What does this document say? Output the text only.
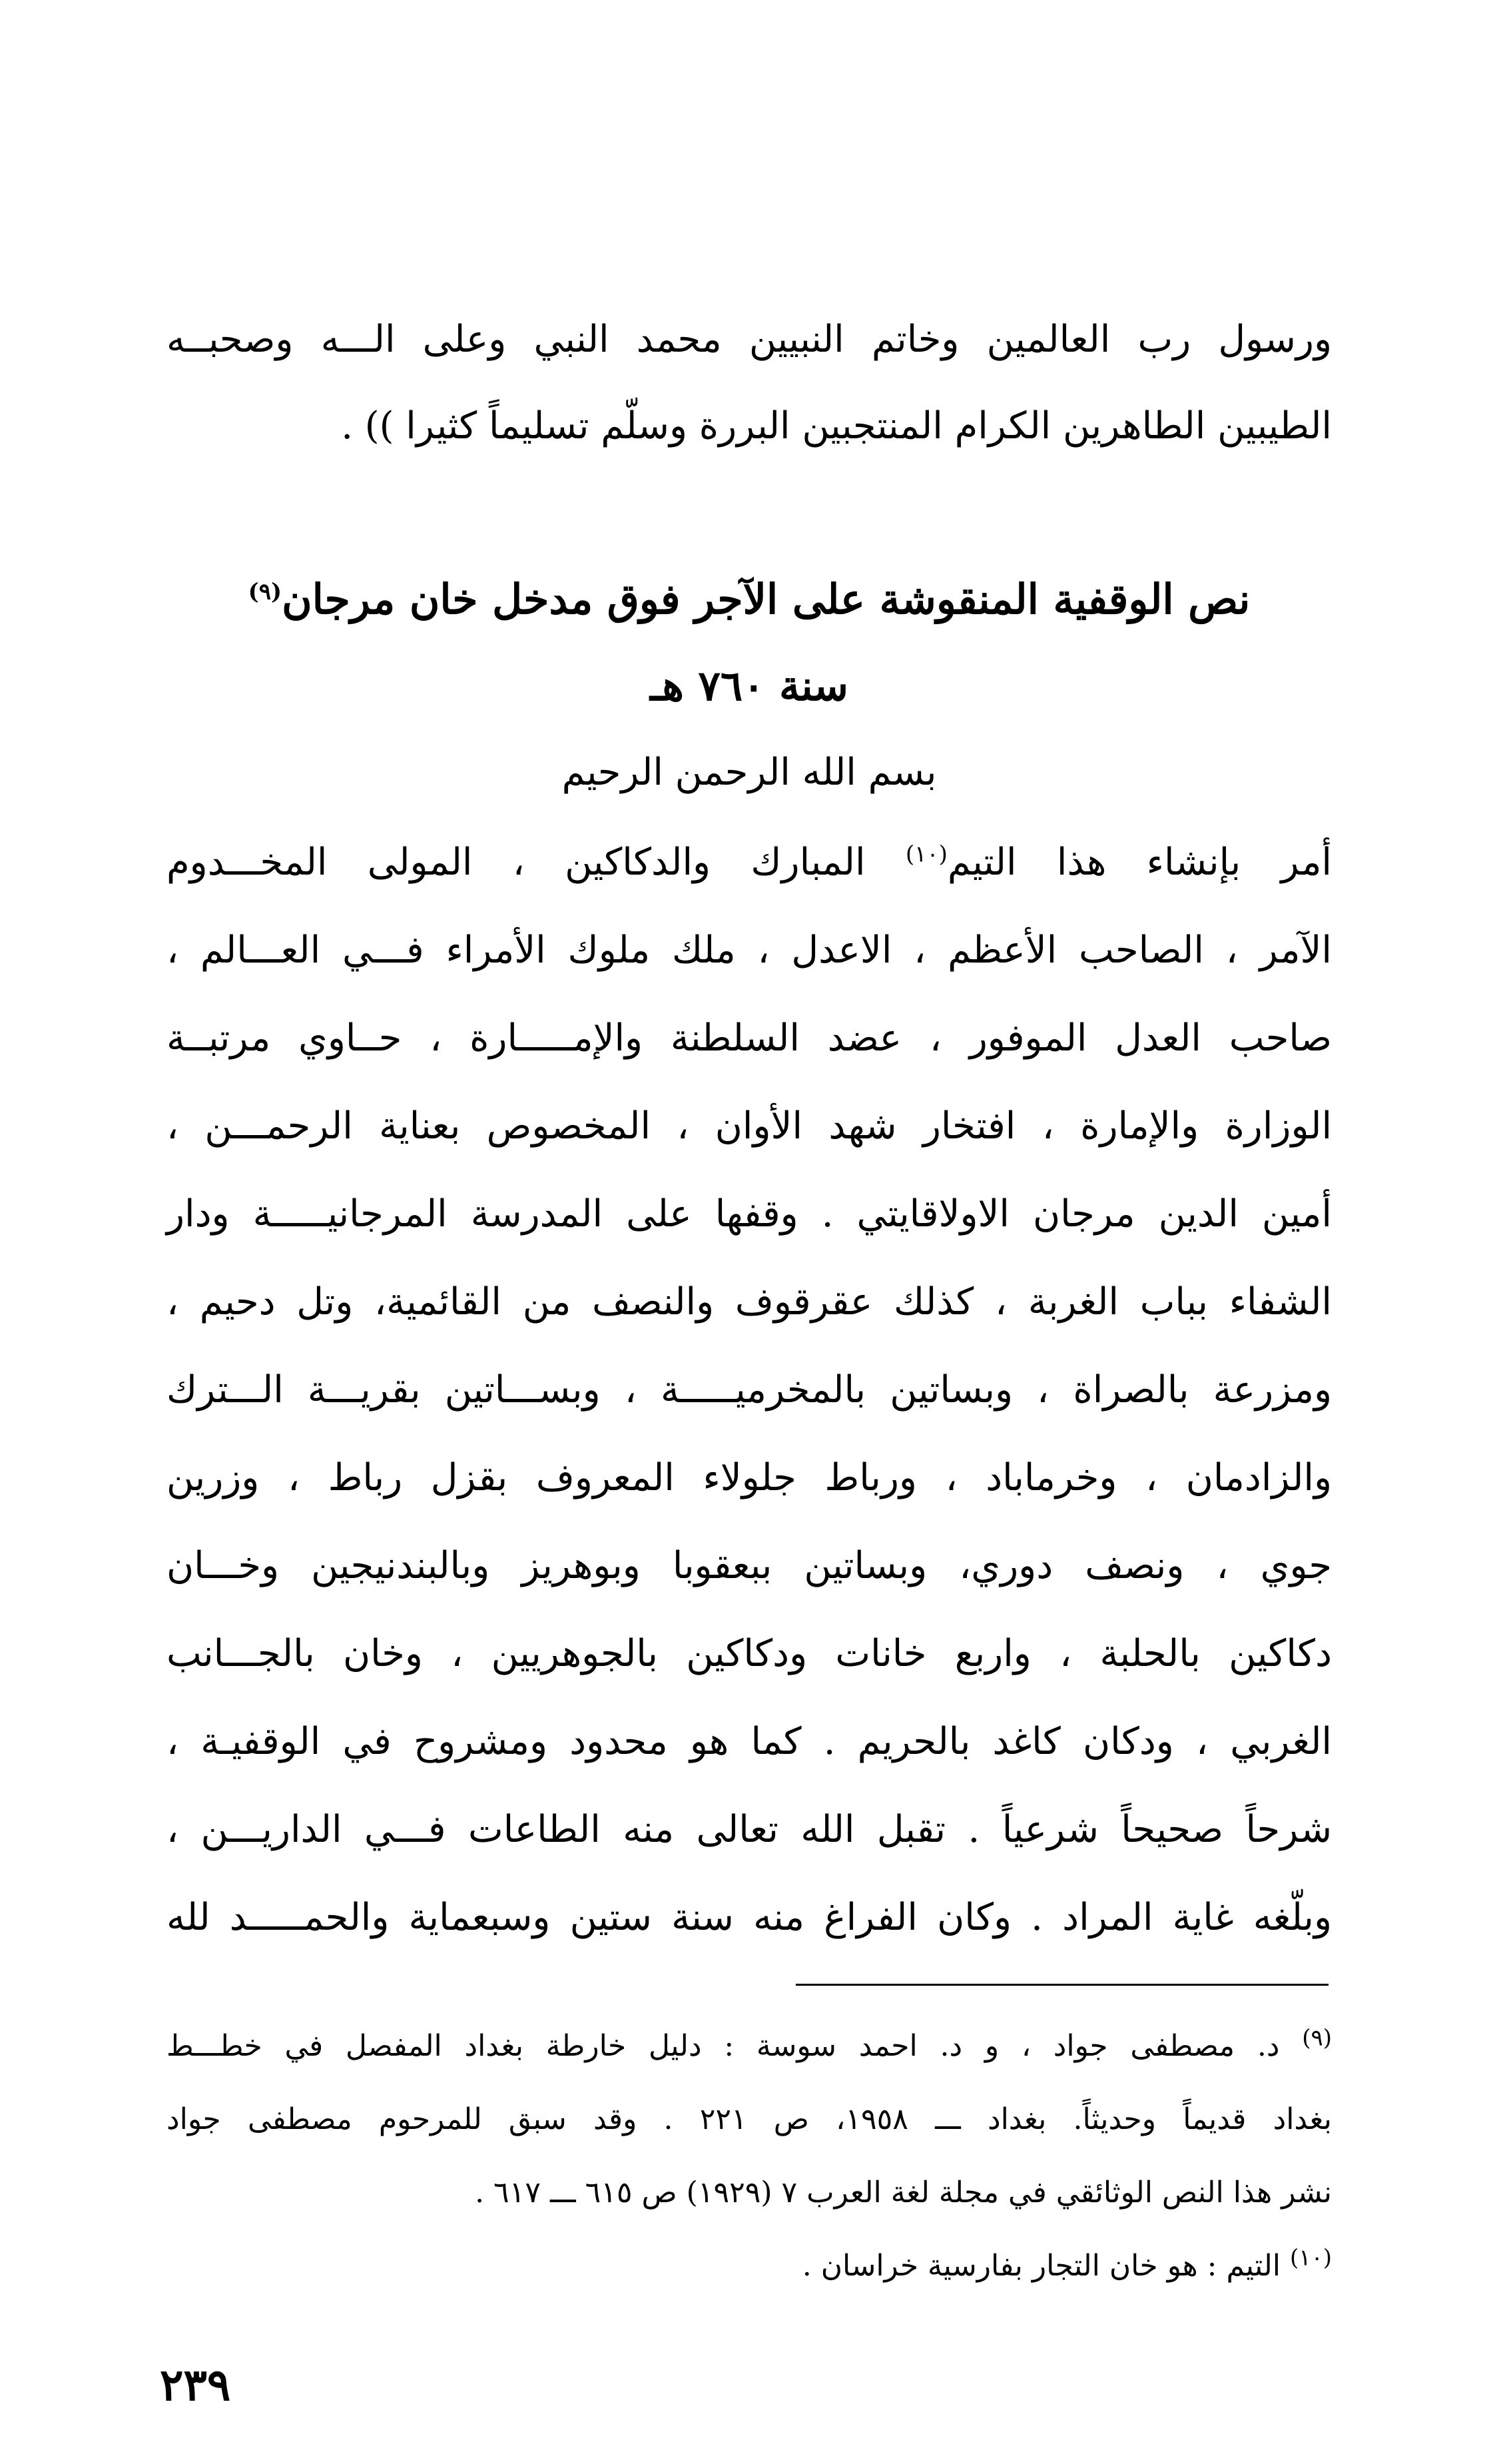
ورسول رب العالمين وخاتم النبيين محمد النبي وعلى الـــه وصحبــه
الطيبين الطاهرين الكرام المنتجبين البررة وسلّم تسليماً كثيرا )) .
نص الوقفية المنقوشة على الآجر فوق مدخل خان مرجان$^{(٩)}$
سنة ٧٦٠ هـ
بسم الله الرحمن الرحيم
أمر بإنشاء هذا التيم$^{(١٠)}$ المبارك والدكاكين ، المولى المخـــدوم
الآمر ، الصاحب الأعظم ، الاعدل ، ملك ملوك الأمراء فـــي العـــالم ،
صاحب العدل الموفور ، عضد السلطنة والإمـــــارة ، حــاوي مرتبــة
الوزارة والإمارة ، افتخار شهد الأوان ، المخصوص بعناية الرحمـــن ،
أمين الدين مرجان الاولاقايتي . وقفها على المدرسة المرجانيـــــة ودار
الشفاء بباب الغربة ، كذلك عقرقوف والنصف من القائمية، وتل دحيم ،
ومزرعة بالصراة ، وبساتين بالمخرميـــــة ، وبســـاتين بقريـــة الـــترك
والزادمان ، وخرماباد ، ورباط جلولاء المعروف بقزل رباط ، وزرين
جوي ، ونصف دوري، وبساتين ببعقوبا وبوهريز وبالبندنيجين وخـــان
دكاكين بالحلبة ، واربع خانات ودكاكين بالجوهريين ، وخان بالجـــانب
الغربي ، ودكان كاغد بالحريم . كما هو محدود ومشروح في الوقفيـة ،
شرحاً صحيحاً شرعياً . تقبل الله تعالى منه الطاعات فـــي الداريـــن ،
وبلّغه غاية المراد . وكان الفراغ منه سنة ستين وسبعماية والحمـــــد لله
$^{(٩)}$ د. مصطفى جواد ، و د. احمد سوسة : دليل خارطة بغداد المفصل في خطـــط
بغداد قديماً وحديثاً. بغداد ـــ ١٩٥٨، ص ٢٢١ . وقد سبق للمرحوم مصطفى جواد
نشر هذا النص الوثائقي في مجلة لغة العرب ٧ (١٩٢٩) ص ٦١٥ ـــ ٦١٧ .
$^{(١٠)}$ التيم : هو خان التجار بفارسية خراسان .
٢٣٩
